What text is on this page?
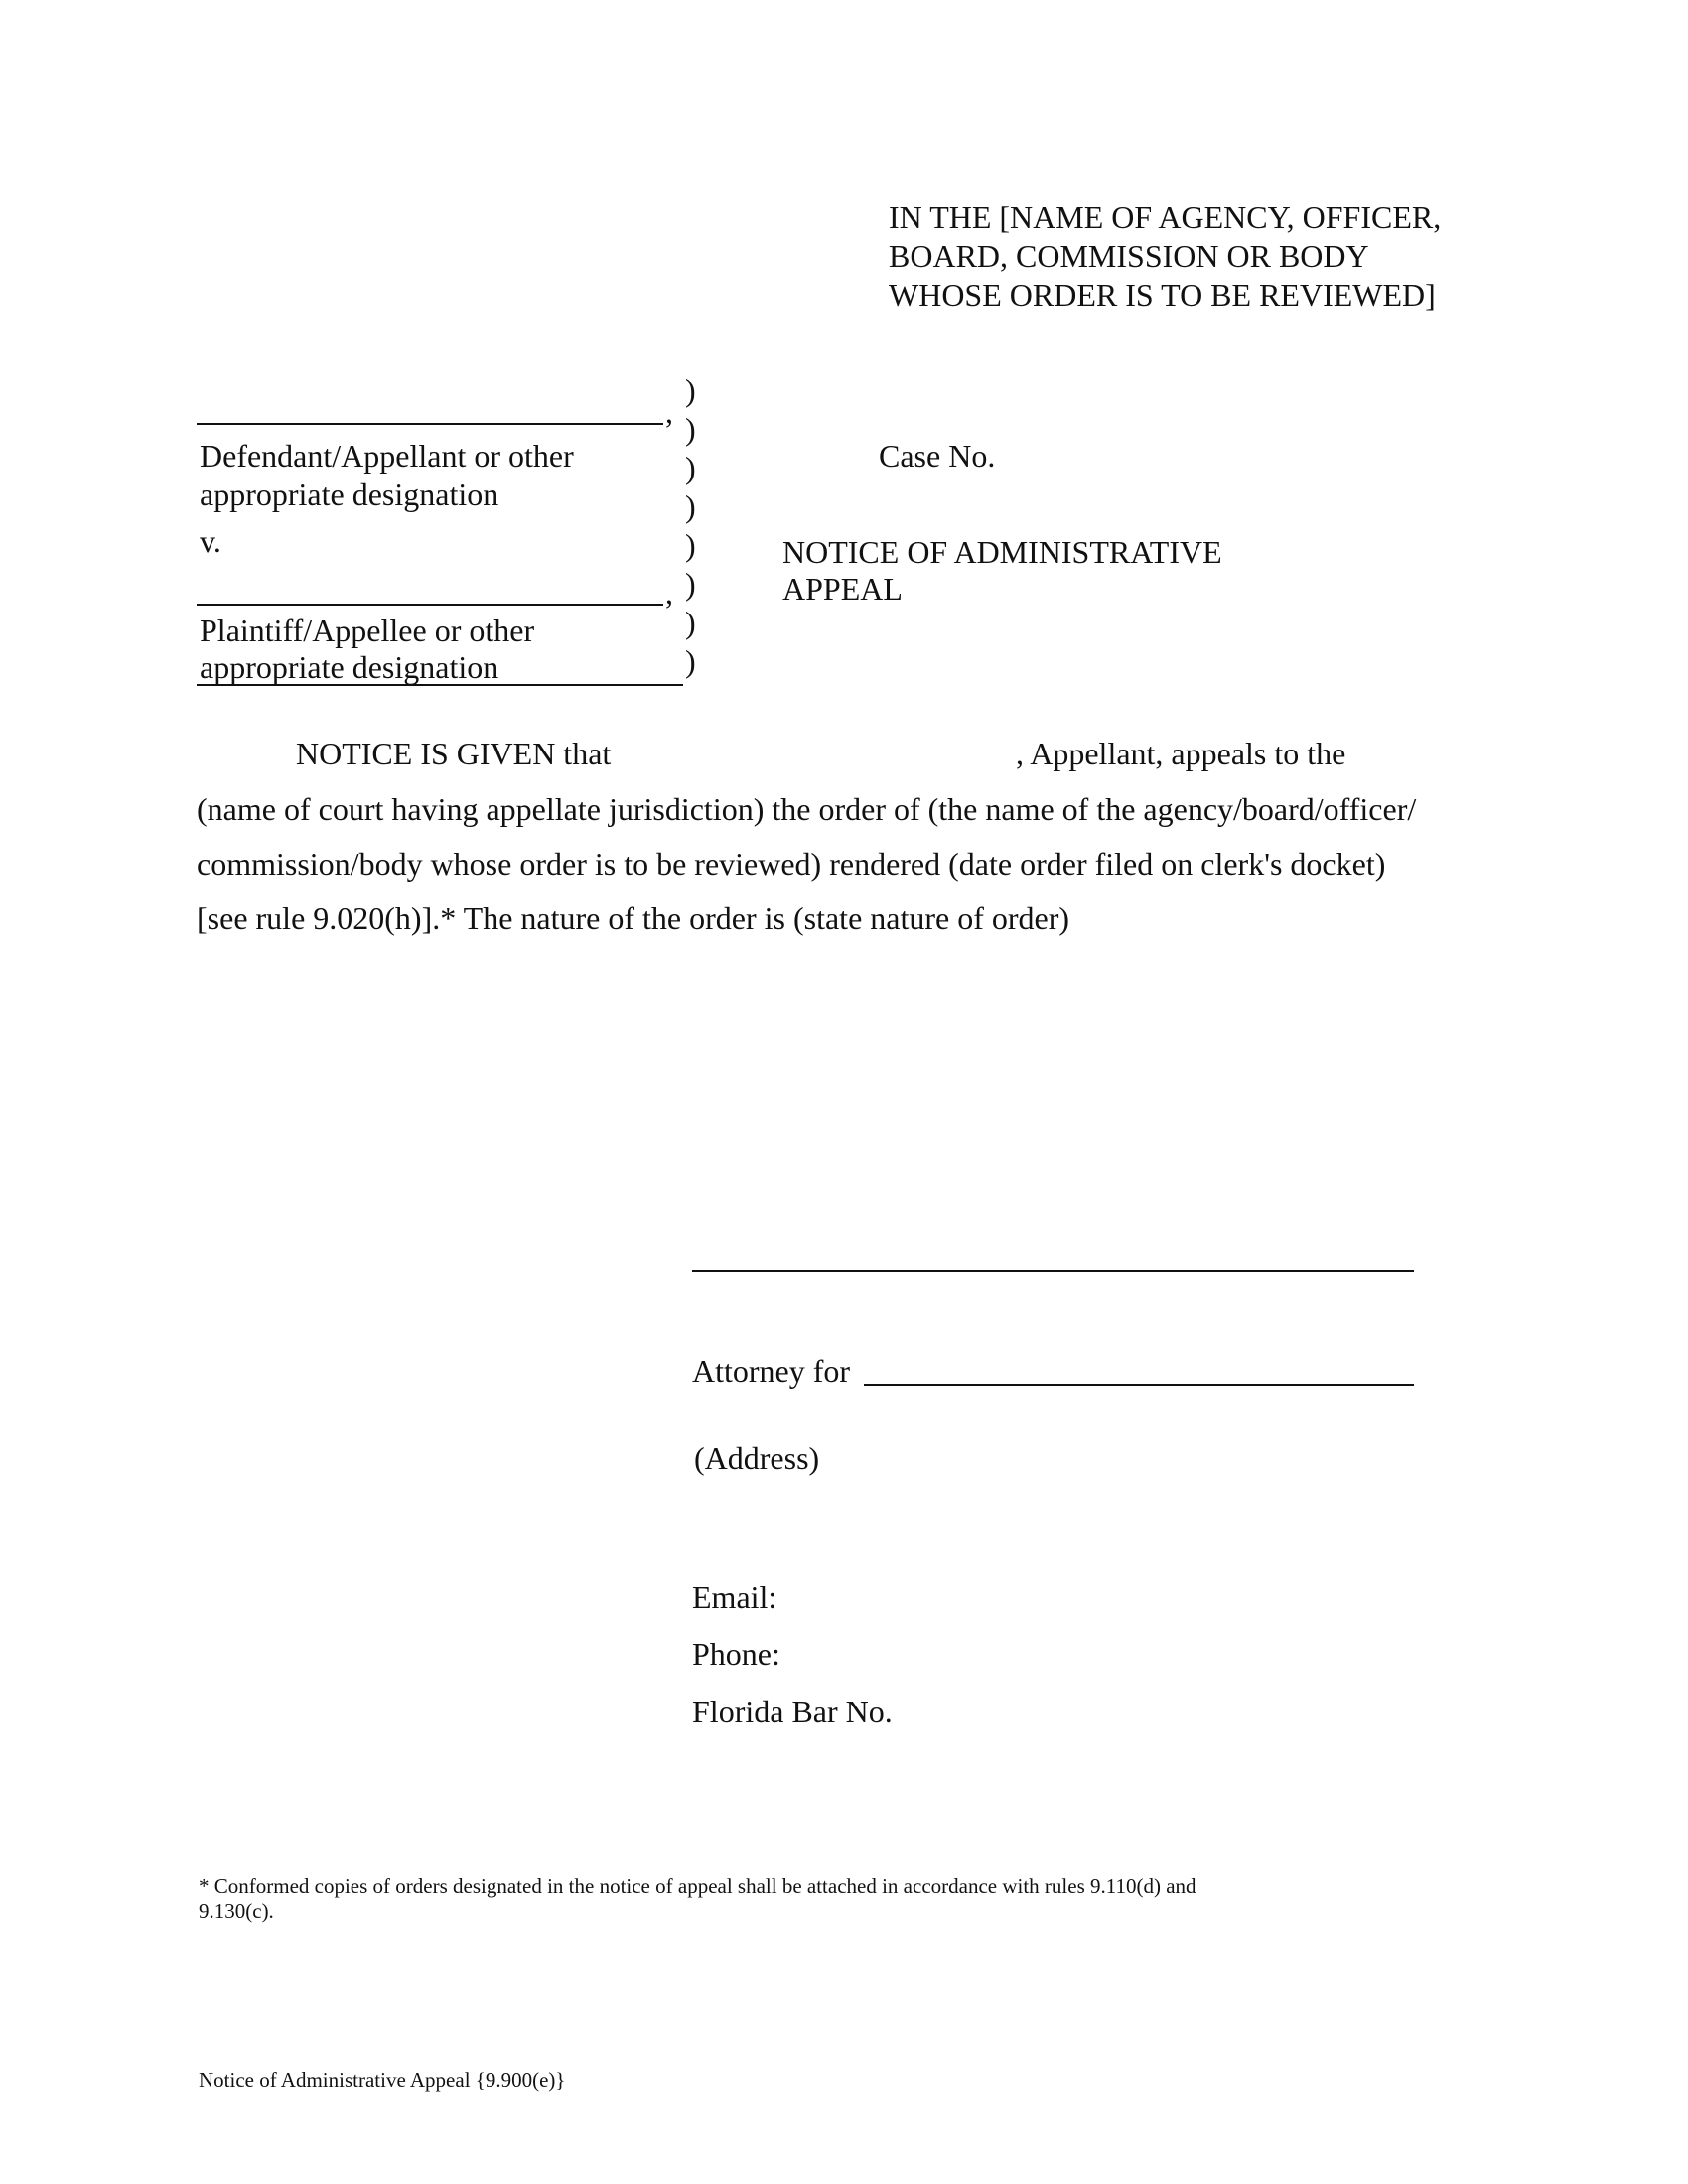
IN THE [NAME OF AGENCY, OFFICER,
BOARD, COMMISSION OR BODY
WHOSE ORDER IS TO BE REVIEWED]
,
Defendant/Appellant or other
appropriate designation
v.
,
Plaintiff/Appellee or other
appropriate designation
)
)
)
)
)
)
)
)
Case No.
NOTICE OF ADMINISTRATIVE
APPEAL
NOTICE IS GIVEN that	, Appellant, appeals to the
(name of court having appellate jurisdiction) the order of (the name of the agency/board/officer/
commission/body whose order is to be reviewed) rendered (date order filed on clerk's docket)
[see rule 9.020(h)].* The nature of the order is (state nature of order)
Attorney for
(Address)
Email:
Phone:
Florida Bar No.
* Conformed copies of orders designated in the notice of appeal shall be attached in accordance with rules 9.110(d) and
9.130(c).
Notice of Administrative Appeal {9.900(e)}
